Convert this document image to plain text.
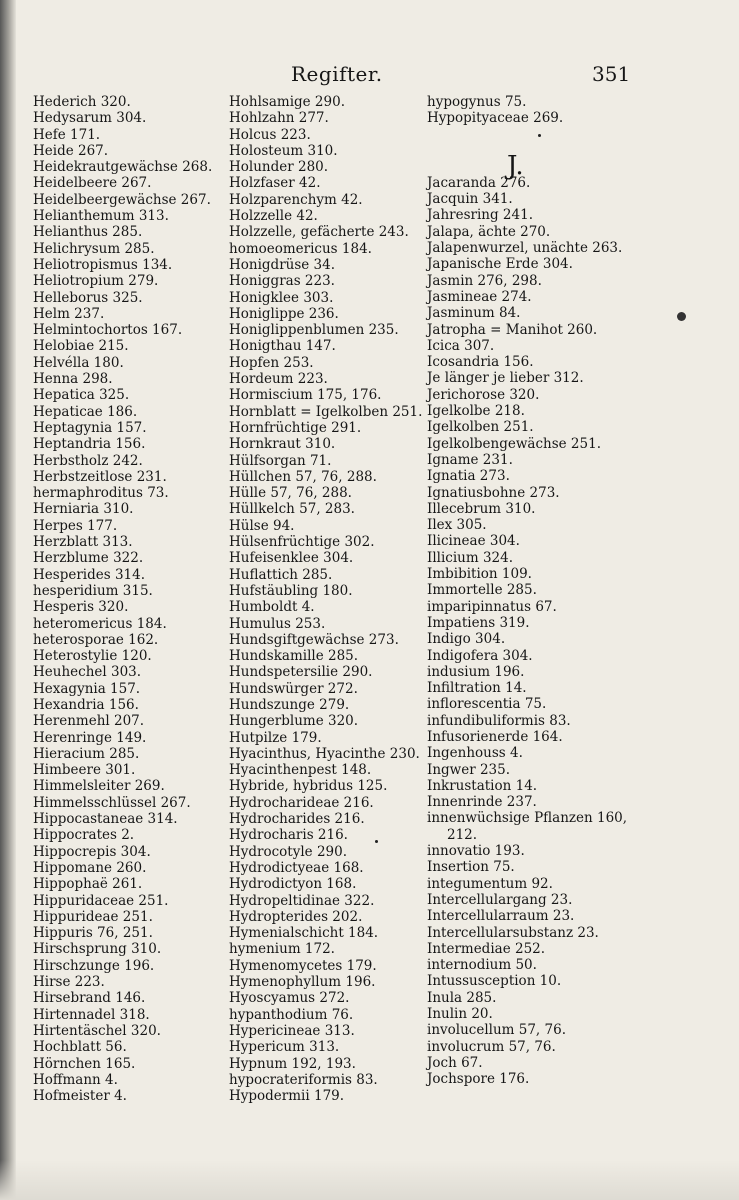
Regifter.	351
Hederich 320.
Hedysarum 304.
Hefe 171.
Heide 267.
Heidekrautgewächse 268.
Heidelbeere 267.
Heidelbeergewächse 267.
Helianthemum 313.
Helianthus 285.
Helichrysum 285.
Heliotropismus 134.
Heliotropium 279.
Helleborus 325.
Helm 237.
Helmintochortos 167.
Helobiae 215.
Helvélla 180.
Henna 298.
Hepatica 325.
Hepaticae 186.
Heptagynia 157.
Heptandria 156.
Herbstholz 242.
Herbstzeitlose 231.
hermaphroditus 73.
Herniaria 310.
Herpes 177.
Herzblatt 313.
Herzblume 322.
Hesperides 314.
hesperidium 315.
Hesperis 320.
heteromericus 184.
heterosporae 162.
Heterostylie 120.
Heuhechel 303.
Hexagynia 157.
Hexandria 156.
Herenmehl 207.
Herenringe 149.
Hieracium 285.
Himbeere 301.
Himmelsleiter 269.
Himmelsschlüssel 267.
Hippocastaneae 314.
Hippocrates 2.
Hippocrepis 304.
Hippomane 260.
Hippophaë 261.
Hippuridaceae 251.
Hippurideae 251.
Hippuris 76, 251.
Hirschsprung 310.
Hirschzunge 196.
Hirse 223.
Hirsebrand 146.
Hirtennadel 318.
Hirtentäschel 320.
Hochblatt 56.
Hörnchen 165.
Hoffmann 4.
Hofmeister 4.
Hohlsamige 290.
Hohlzahn 277.
Holcus 223.
Holosteum 310.
Holunder 280.
Holzfaser 42.
Holzparenchym 42.
Holzzelle 42.
Holzzelle, gefächerte 243.
homoeomericus 184.
Honigdrüse 34.
Honiggras 223.
Honigklee 303.
Honiglippe 236.
Honiglippenblumen 235.
Honigthau 147.
Hopfen 253.
Hordeum 223.
Hormiscium 175, 176.
Hornblatt = Igelkolben 251.
Hornfrüchtige 291.
Hornkraut 310.
Hülfsorgan 71.
Hüllchen 57, 76, 288.
Hülle 57, 76, 288.
Hüllkelch 57, 283.
Hülse 94.
Hülsenfrüchtige 302.
Hufeisenklee 304.
Huflattich 285.
Hufstäubling 180.
Humboldt 4.
Humulus 253.
Hundsgiftgewächse 273.
Hundskamille 285.
Hundspetersilie 290.
Hundswürger 272.
Hundszunge 279.
Hungerblume 320.
Hutpilze 179.
Hyacinthus, Hyacinthe 230.
Hyacinthenpest 148.
Hybride, hybridus 125.
Hydrocharideae 216.
Hydrocharides 216.
Hydrocharis 216.
Hydrocotyle 290.
Hydrodictyeae 168.
Hydrodictyon 168.
Hydropeltidinae 322.
Hydropterides 202.
Hymenialschicht 184.
hymenium 172.
Hymenomycetes 179.
Hymenophyllum 196.
Hyoscyamus 272.
hypanthodium 76.
Hypericineae 313.
Hypericum 313.
Hypnum 192, 193.
hypocrateriformis 83.
Hypodermii 179.
hypogynus 75.
Hypopityaceae 269.
J.
Jacaranda 276.
Jacquin 341.
Jahresring 241.
Jalapa, ächte 270.
Jalapenwurzel, unächte 263.
Japanische Erde 304.
Jasmin 276, 298.
Jasmineae 274.
Jasminum 84.
Jatropha = Manihot 260.
Icica 307.
Icosandria 156.
Je länger je lieber 312.
Jerichorose 320.
Igelkolbe 218.
Igelkolben 251.
Igelkolbengewächse 251.
Igname 231.
Ignatia 273.
Ignatiusbohne 273.
Illecebrum 310.
Ilex 305.
Ilicineae 304.
Illicium 324.
Imbibition 109.
Immortelle 285.
imparipinnatus 67.
Impatiens 319.
Indigo 304.
Indigofera 304.
indusium 196.
Infiltration 14.
inflorescentia 75.
infundibuliformis 83.
Infusorienerde 164.
Ingenhouss 4.
Ingwer 235.
Inkrustation 14.
Innenrinde 237.
innenwüchsige Pflanzen 160,
212.
innovatio 193.
Insertion 75.
integumentum 92.
Intercellulargang 23.
Intercellularraum 23.
Intercellularsubstanz 23.
Intermediae 252.
internodium 50.
Intussusception 10.
Inula 285.
Inulin 20.
involucellum 57, 76.
involucrum 57, 76.
Joch 67.
Jochspore 176.
